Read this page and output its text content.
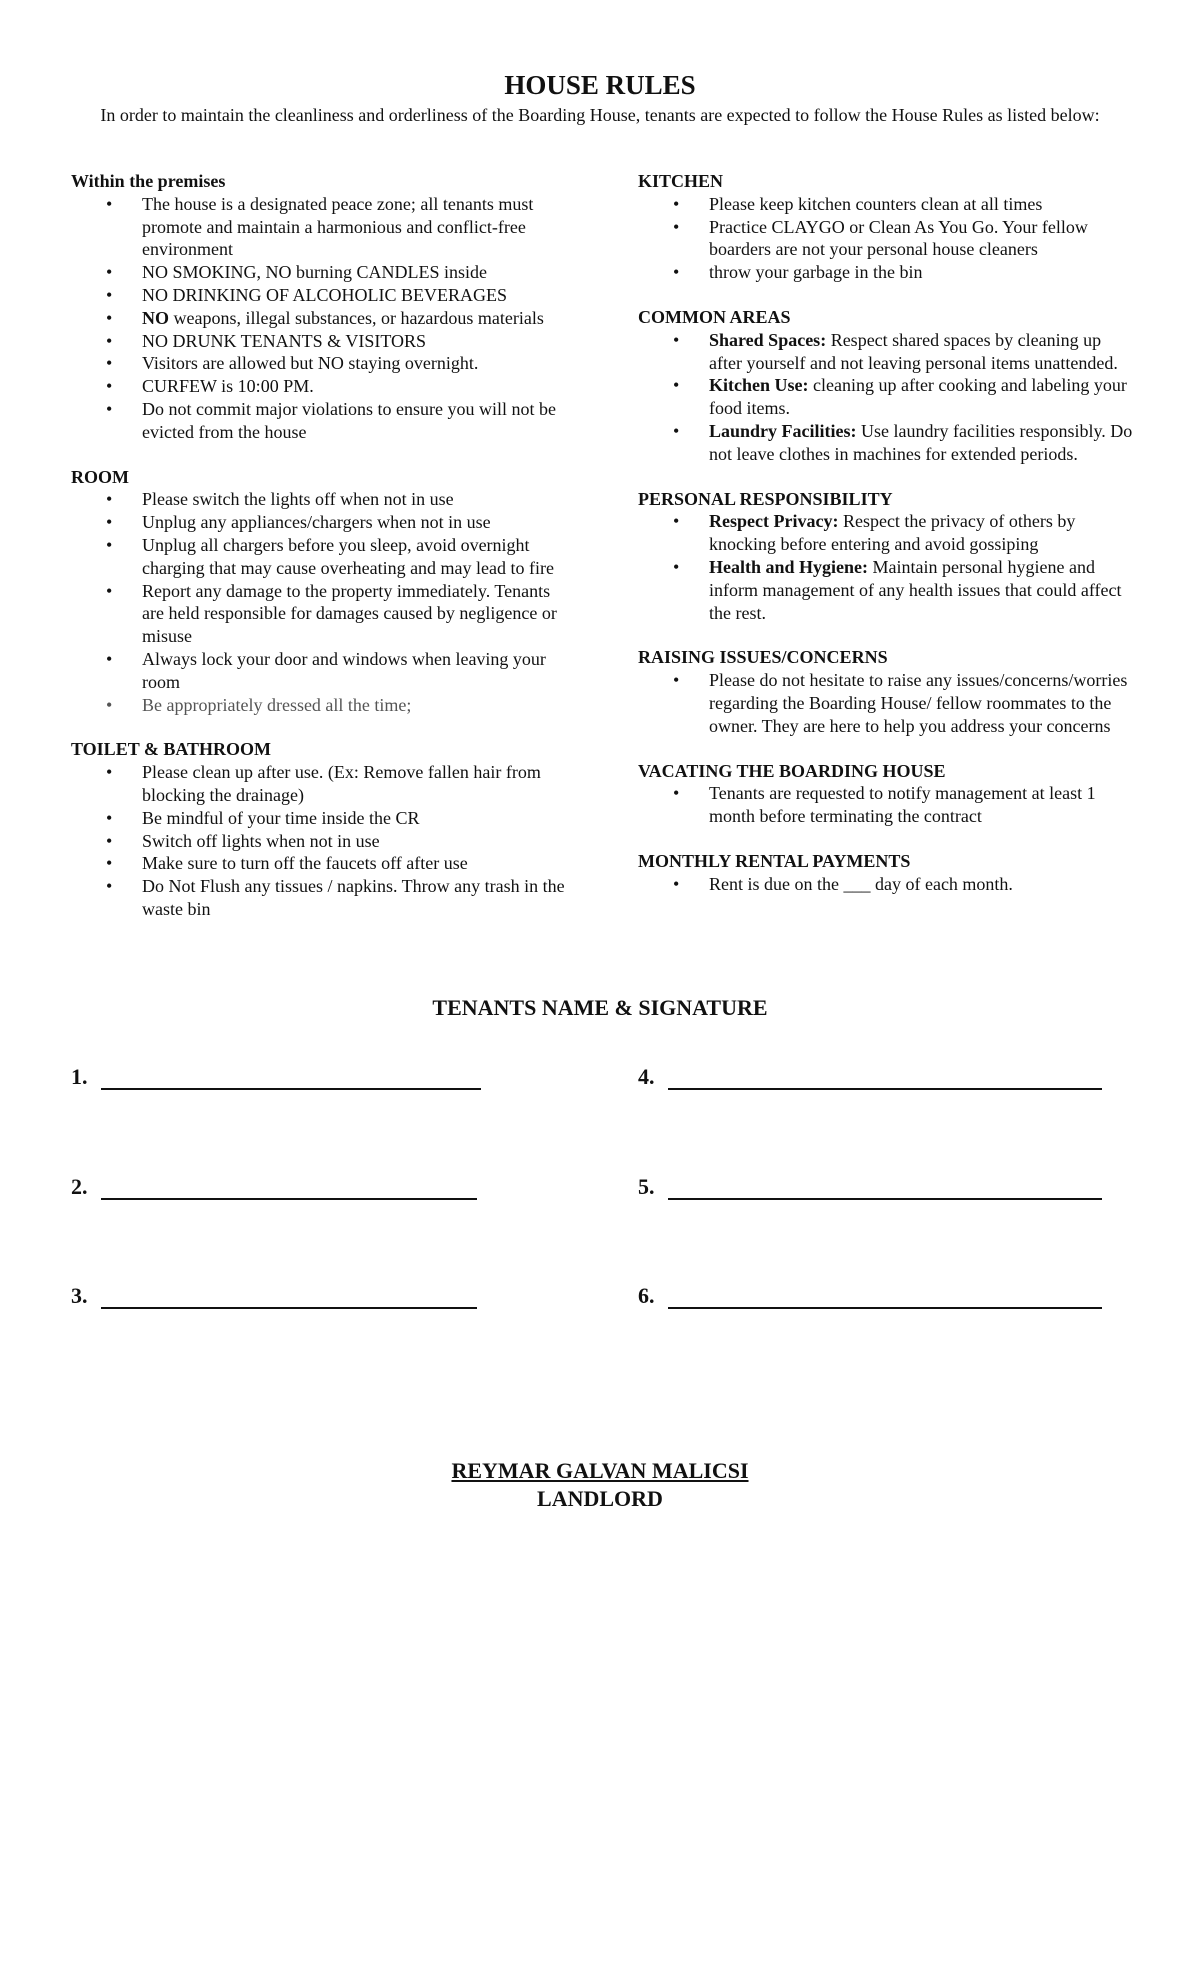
HOUSE RULES

In order to maintain the cleanliness and orderliness of the Boarding House, tenants are expected to follow the House Rules as listed below:

Within the premises
• The house is a designated peace zone; all tenants must promote and maintain a harmonious and conflict-free environment
• NO SMOKING, NO burning CANDLES inside
• NO DRINKING OF ALCOHOLIC BEVERAGES
• NO weapons, illegal substances, or hazardous materials
• NO DRUNK TENANTS & VISITORS
• Visitors are allowed but NO staying overnight.
• CURFEW is 10:00 PM.
• Do not commit major violations to ensure you will not be evicted from the house
ROOM
• Please switch the lights off when not in use
• Unplug any appliances/chargers when not in use
• Unplug all chargers before you sleep, avoid overnight charging that may cause overheating and may lead to fire
• Report any damage to the property immediately. Tenants are held responsible for damages caused by negligence or misuse
• Always lock your door and windows when leaving your room
• Be appropriately dressed all the time;
TOILET & BATHROOM
• Please clean up after use. (Ex: Remove fallen hair from blocking the drainage)
• Be mindful of your time inside the CR
• Switch off lights when not in use
• Make sure to turn off the faucets off after use
• Do Not Flush any tissues / napkins. Throw any trash in the waste bin
KITCHEN
• Please keep kitchen counters clean at all times
• Practice CLAYGO or Clean As You Go. Your fellow boarders are not your personal house cleaners
• throw your garbage in the bin
COMMON AREAS
• Shared Spaces: Respect shared spaces by cleaning up after yourself and not leaving personal items unattended.
• Kitchen Use: cleaning up after cooking and labeling your food items.
• Laundry Facilities: Use laundry facilities responsibly. Do not leave clothes in machines for extended periods.
PERSONAL RESPONSIBILITY
• Respect Privacy: Respect the privacy of others by knocking before entering and avoid gossiping
• Health and Hygiene: Maintain personal hygiene and inform management of any health issues that could affect the rest.
RAISING ISSUES/CONCERNS
• Please do not hesitate to raise any issues/concerns/worries regarding the Boarding House/ fellow roommates to the owner. They are here to help you address your concerns
VACATING THE BOARDING HOUSE
• Tenants are requested to notify management at least 1 month before terminating the contract
MONTHLY RENTAL PAYMENTS
• Rent is due on the ___ day of each month.
TENANTS NAME & SIGNATURE
1.
2.
3.
4.
5.
6.
REYMAR GALVAN MALICSI
LANDLORD
